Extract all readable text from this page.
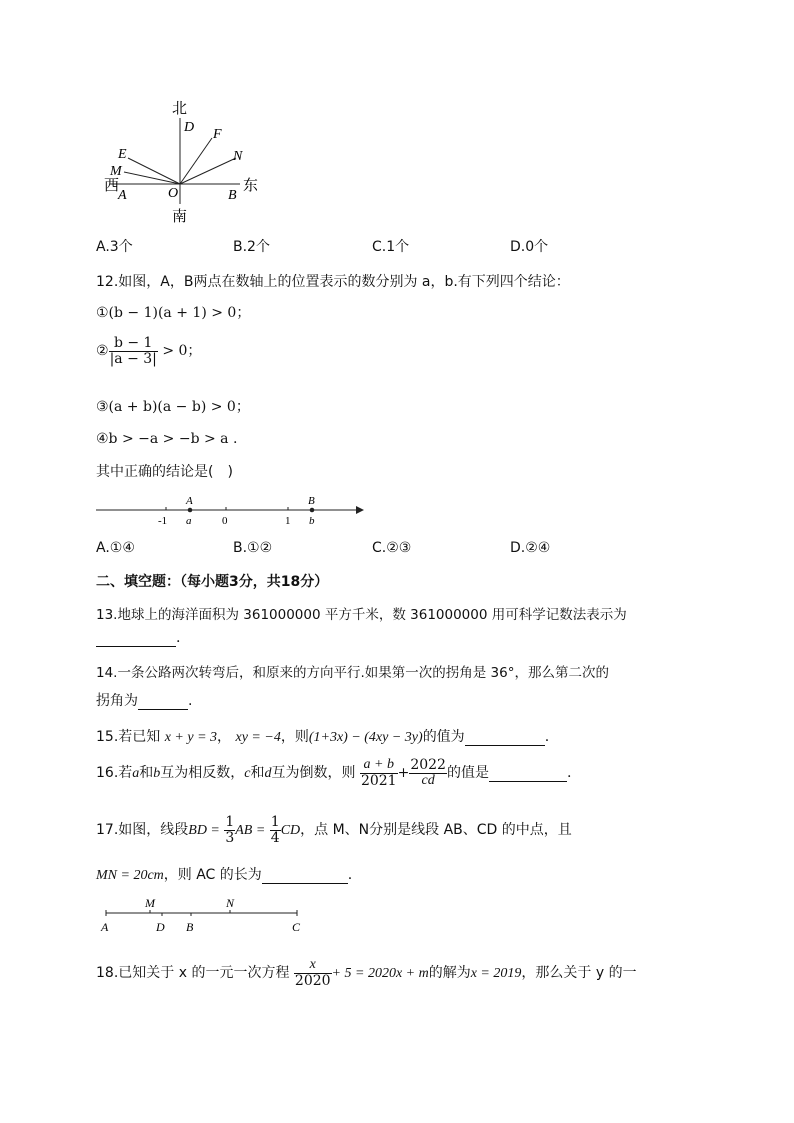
北
南
东
西
D F
N
E
M
O
A	B
A.3个	B.2个	C.1个	D.0个
12.如图，A，B两点在数轴上的位置表示的数分别为 a，b.有下列四个结论：
①(b − 1)(a + 1) > 0；
② $\frac{b - 1}{|a - 3|} > 0$；
③(a + b)(a − b) > 0；
④b > −a > −b > a .
其中正确的结论是(　)
A	B
a	b
-1	0	1
A.①④	B.①②	C.②③	D.②④
二、填空题：（每小题3分，共18分）
13.地球上的海洋面积为 361000000 平方千米，数 361000000 用可科学记数法表示为
.
14.一条公路两次转弯后，和原来的方向平行.如果第一次的拐角是 36°，那么第二次的
拐角为	.
15.若已知 x + y = 3， xy = −4，则(1+3x) − (4xy − 3y)的值为	.
16.若a和b互为相反数，c和d互为倒数，则 $\frac{a + b}{2021} + \frac{2022}{cd}$ 的值是	.
17.如图，线段BD = $\frac{1}{3}$ AB = $\frac{1}{4}$ CD，点 M、N分别是线段 AB、CD 的中点，且
MN = 20cm，则 AC 的长为	.
M	N
A	D B	C
18.已知关于 x 的一元一次方程 $\frac{x}{2020} + 5 = 2020x + m$的解为x = 2019，那么关于 y 的一
